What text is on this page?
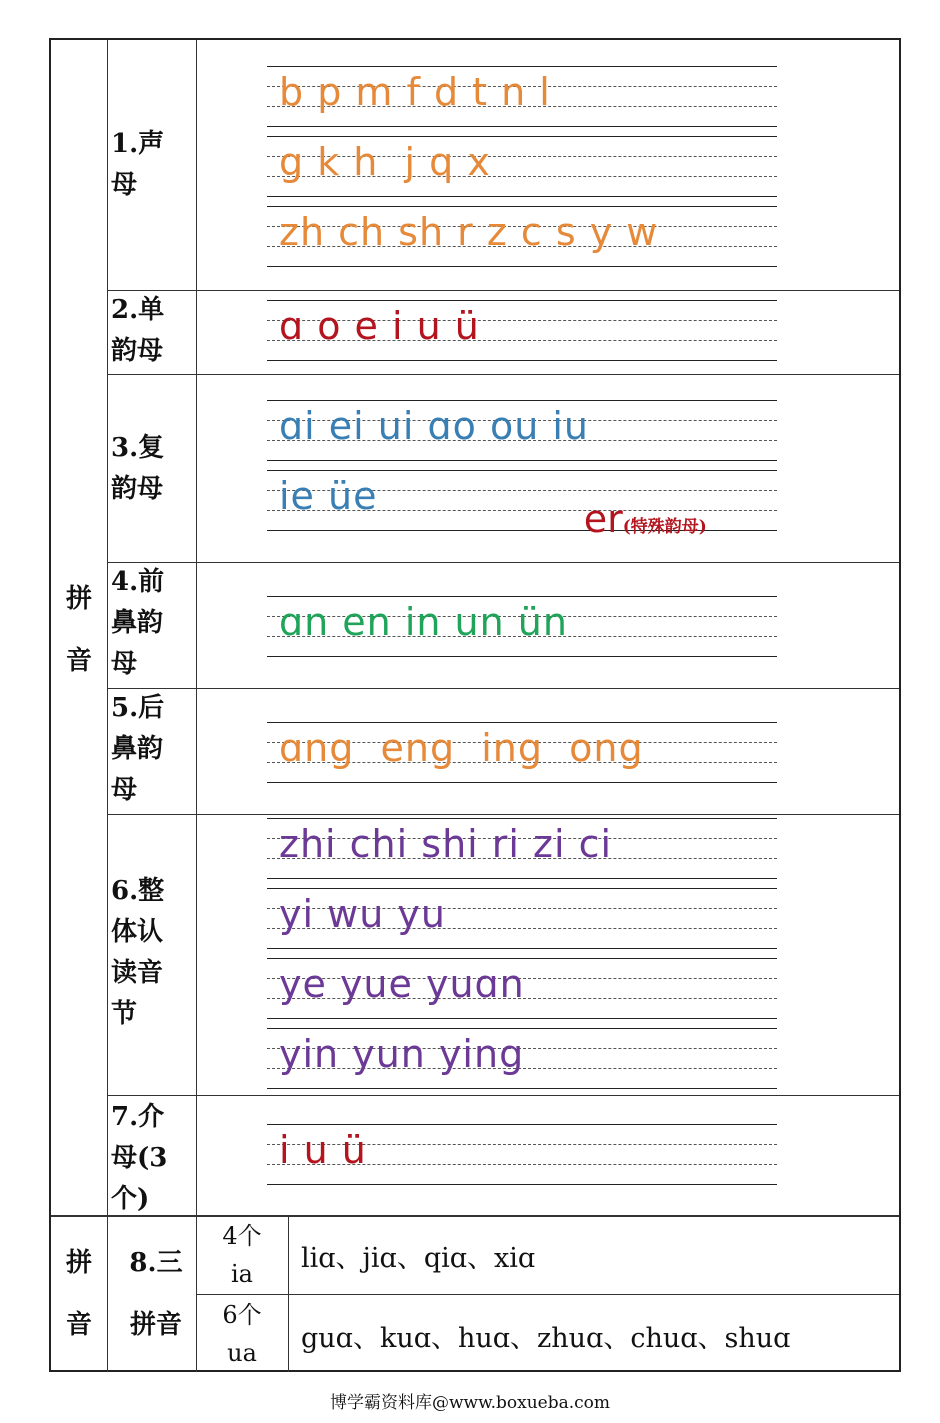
拼
音
拼
音
1.声
母
2.单
韵母
3.复
韵母
4.前
鼻韵
母
5.后
鼻韵
母
6.整
体认
读音
节
7.介
母(3
个)
b p m f d t n l
g k h  j q x
zh ch sh r z c s y w
ɑ o e i u ü
ɑi ei ui ɑo ou iu
ie üe

er(特殊韵母)

ɑn en in un ün
ɑng  eng  ing  ong
zhi chi shi ri zi ci
yi wu yu
ye yue yuɑn
yin yun ying
i u ü
8.三
拼音
4个
ia	liɑ、jiɑ、qiɑ、xiɑ
6个
ua	guɑ、kuɑ、huɑ、zhuɑ、chuɑ、shuɑ
博学霸资料库@www.boxueba.com
